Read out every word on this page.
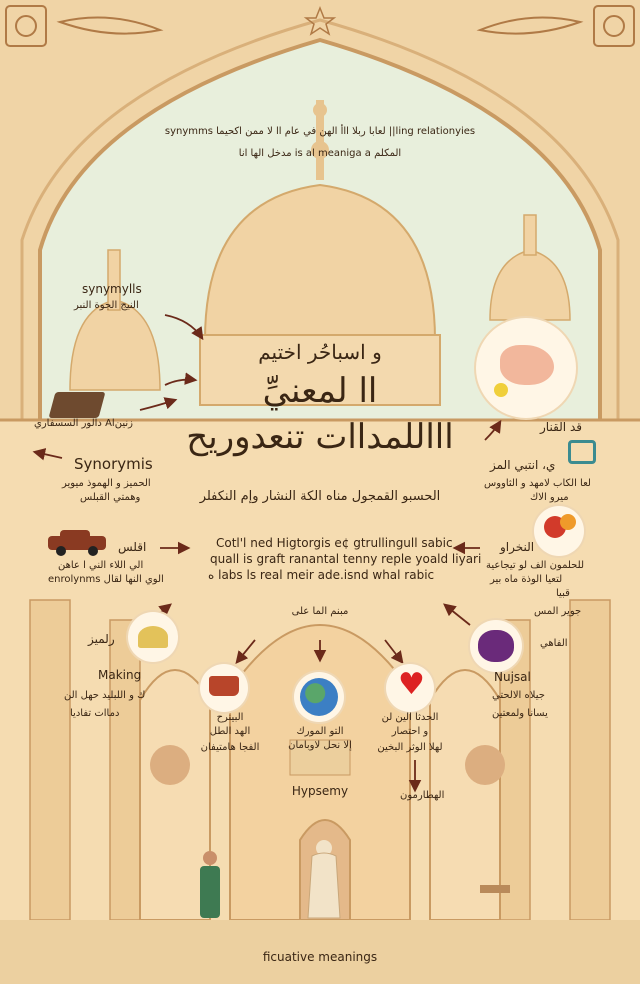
synymms لعابا ربلا ااأ الهن في عام اا لا ممن اكحيما ||ling relationyies
مدخل الها انا is al meaniga a المكلم
و اسباحُر اختيم
اا لمعنيِّ
اااللمداات تنعدوريح
الحسبو القمجول مناه الكة النشار وإم النكفلر
synymylls
النيج الجوة النبر
دالور السسفاري Alزنين
Synorymis
الحميز و الهموذ ميوير
وهمتي القبلس
اقلس
الي اللاء الني ا عاهن
enrolynms الوي النها لقال
رلميز
Making
ك و اللبليد حهل الن
دماات تفاديا
قد القنار
ي، انتبي المز
لعا الكاب لامهد و الثاووس
ميرو الاك
النخراو
للحلمون الف لو تيجاعية
لتعيا الوذة ماه بير
قبيا
جوير المس
الفاهي
Nujsal
جيلاه الالحتي
يسانا ولمعتين
Cotl'l ned Higtorgis e¢ gtrullingull sabic
quall is graft ranantal tenny reple yoald liyari
ه labs ls real meir ade.isnd whal rabic
مبنم الما على
البينرح
الهد الطل
الفجا هامتيفان
التو المورك
إلا نحل لاوبامان
♥
الحدثا الين لن
و احتصار
لهلا الوثر البخين
Hypsemy	الهطارمون
ficuative meanings
